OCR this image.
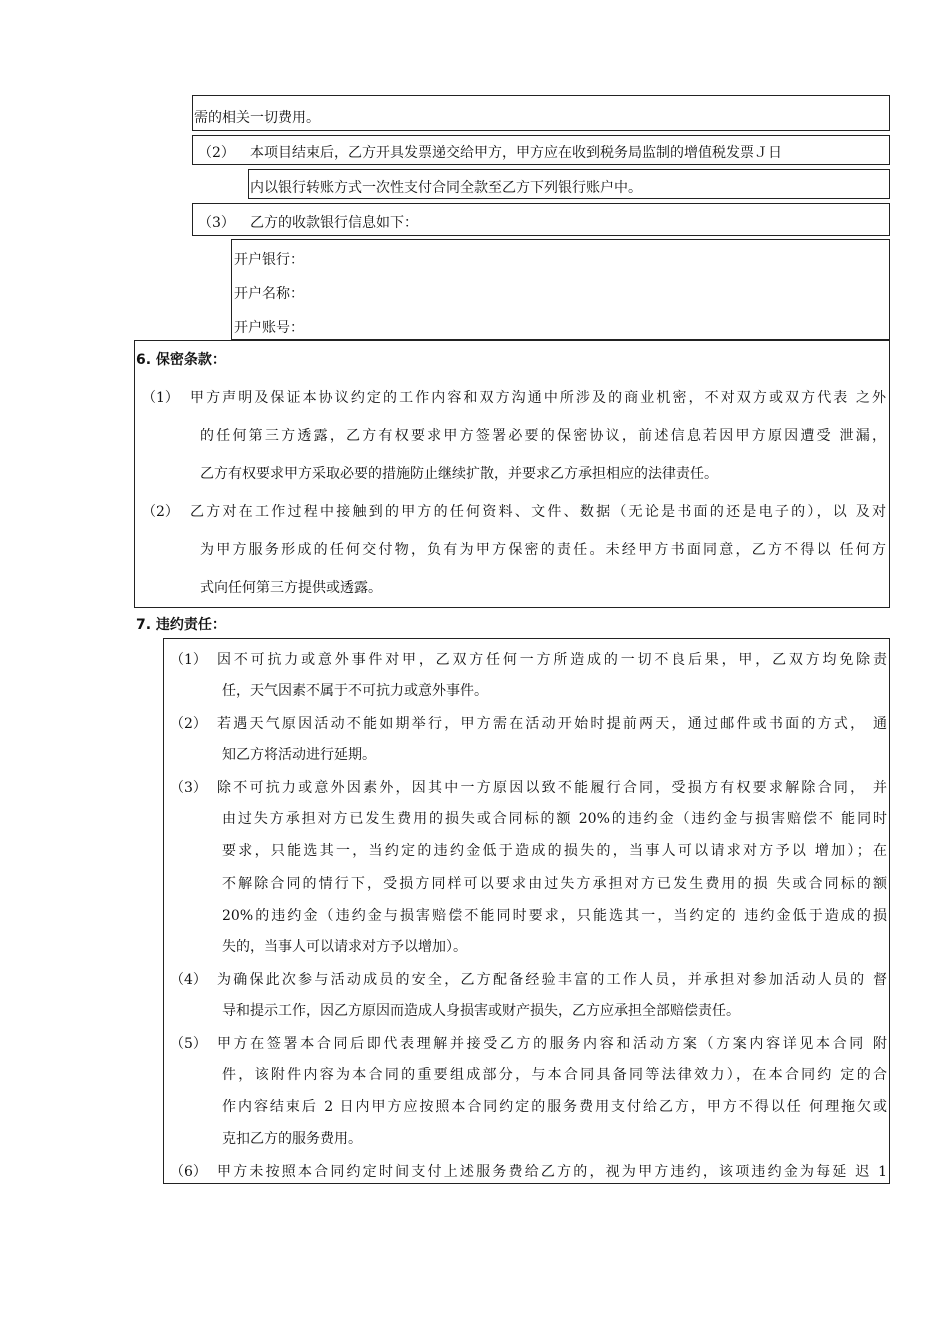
需的相关一切费用。
（2） 本项目结束后，乙方开具发票递交给甲方，甲方应在收到税务局监制的增值税发票Ｊ日
内以银行转账方式一次性支付合同全款至乙方下列银行账户中。
（3） 乙方的收款银行信息如下：
开户银行：
开户名称：
开户账号：
6. 保密条款：
（1） 甲方声明及保证本协议约定的工作内容和双方沟通中所涉及的商业机密，不对双方或双方代表 之外
的任何第三方透露，乙方有权要求甲方签署必要的保密协议，前述信息若因甲方原因遭受 泄漏，
乙方有权要求甲方采取必要的措施防止继续扩散，并要求乙方承担相应的法律责任。
（2） 乙方对在工作过程中接触到的甲方的任何资料、文件、数据（无论是书面的还是电子的），以 及对
为甲方服务形成的任何交付物，负有为甲方保密的责任。未经甲方书面同意，乙方不得以 任何方
式向任何第三方提供或透露。
7. 违约责任：
（1） 因不可抗力或意外事件对甲，乙双方任何一方所造成的一切不良后果，甲，乙双方均免除责
任，天气因素不属于不可抗力或意外事件。
（2） 若遇天气原因活动不能如期举行，甲方需在活动开始时提前两天，通过邮件或书面的方式， 通
知乙方将活动进行延期。
（3） 除不可抗力或意外因素外，因其中一方原因以致不能履行合同，受损方有权要求解除合同， 并
由过失方承担对方已发生费用的损失或合同标的额 20%的违约金（违约金与损害赔偿不 能同时
要求，只能选其一，当约定的违约金低于造成的损失的，当事人可以请求对方予以 增加）；在
不解除合同的情行下，受损方同样可以要求由过失方承担对方已发生费用的损 失或合同标的额
20%的违约金（违约金与损害赔偿不能同时要求，只能选其一，当约定的 违约金低于造成的损
失的，当事人可以请求对方予以增加）。
（4） 为确保此次参与活动成员的安全，乙方配备经验丰富的工作人员，并承担对参加活动人员的 督
导和提示工作，因乙方原因而造成人身损害或财产损失，乙方应承担全部赔偿责任。
（5） 甲方在签署本合同后即代表理解并接受乙方的服务内容和活动方案（方案内容详见本合同 附
件，该附件内容为本合同的重要组成部分，与本合同具备同等法律效力），在本合同约 定的合
作内容结束后 2 日内甲方应按照本合同约定的服务费用支付给乙方，甲方不得以任 何理拖欠或
克扣乙方的服务费用。
（6） 甲方未按照本合同约定时间支付上述服务费给乙方的，视为甲方违约，该项违约金为每延 迟 1
